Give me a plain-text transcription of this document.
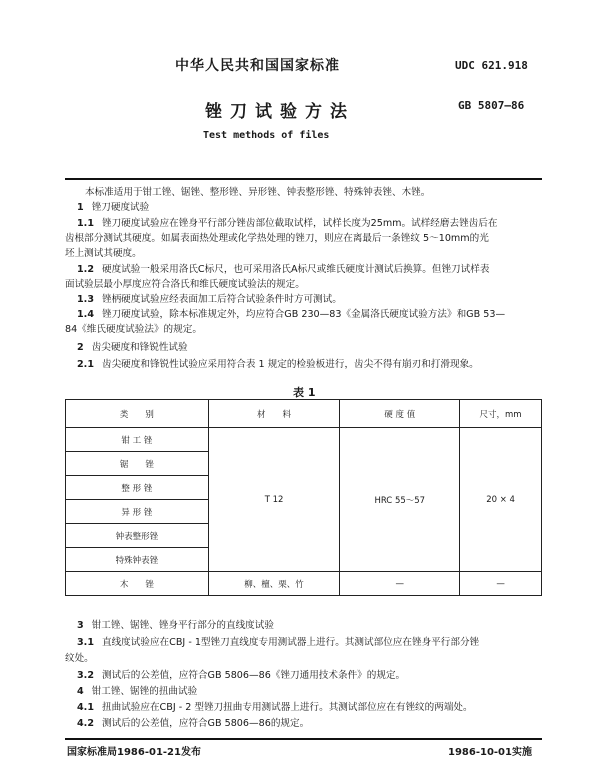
中华人民共和国国家标准	UDC 621.918
锉刀试验方法	GB 5807—86
Test methods of files
本标准适用于钳工锉、锯锉、整形锉、异形锉、钟表整形锉、特殊钟表锉、木锉。
1 锉刀硬度试验
1.1 锉刀硬度试验应在锉身平行部分锉齿部位截取试样，试样长度为25mm。试样经磨去锉齿后在
齿根部分测试其硬度。如属表面热处理或化学热处理的锉刀，则应在离最后一条锉纹 5～10mm的光
坯上测试其硬度。
1.2 硬度试验一般采用洛氏C标尺，也可采用洛氏A标尺或维氏硬度计测试后换算。但锉刀试样表
面试验层最小厚度应符合洛氏和维氏硬度试验法的规定。
1.3 锉柄硬度试验应经表面加工后符合试验条件时方可测试。
1.4 锉刀硬度试验，除本标准规定外，均应符合GB 230—83《金属洛氏硬度试验方法》和GB 53—
84《维氏硬度试验法》的规定。
2 齿尖硬度和锋锐性试验
2.1 齿尖硬度和锋锐性试验应采用符合表 1 规定的检验板进行，齿尖不得有崩刃和打滑现象。
表 1
类　　别	材　　料	硬 度 值	尺寸，mm
钳 工 锉	T 12	HRC 55～57	20 × 4
锯　　锉			
整 形 锉			
异 形 锉			
钟表整形锉			
特殊钟表锉			
木　　锉	柳、檀、栗、竹	—	—
3 钳工锉、锯锉、锉身平行部分的直线度试验
3.1 直线度试验应在CBJ - 1型锉刀直线度专用测试器上进行。其测试部位应在锉身平行部分锉
纹处。
3.2 测试后的公差值，应符合GB 5806—86《锉刀通用技术条件》的规定。
4 钳工锉、锯锉的扭曲试验
4.1 扭曲试验应在CBJ - 2 型锉刀扭曲专用测试器上进行。其测试部位应在有锉纹的两端处。
4.2 测试后的公差值，应符合GB 5806—86的规定。
国家标准局1986-01-21发布	1986-10-01实施
